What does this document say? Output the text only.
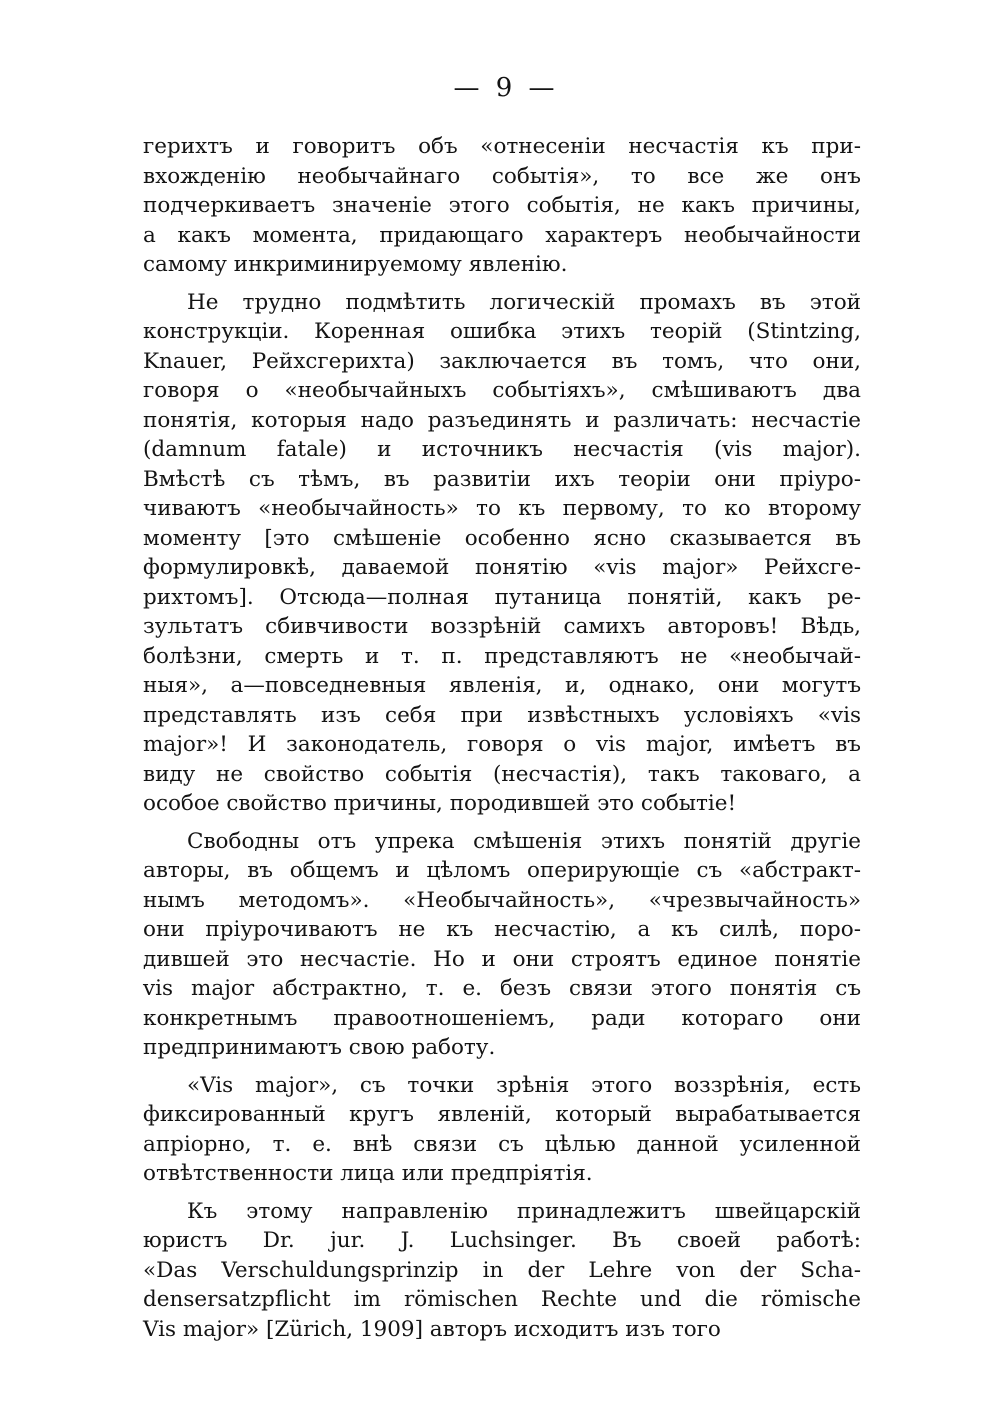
— 9 —
герихтъ и говоритъ объ «отнесеніи несчастія къ при-
вхожденію необычайнаго событія», то все же онъ
подчеркиваетъ значеніе этого событія, не какъ причины,
а какъ момента, придающаго характеръ необычайности
самому инкриминируемому явленію.
Не трудно подмѣтить логическій промахъ въ этой
конструкціи. Коренная ошибка этихъ теорій (Stintzing,
Knauer, Рейхсгерихта) заключается въ томъ, что они,
говоря о «необычайныхъ событіяхъ», смѣшиваютъ два
понятія, которыя надо разъединять и различать: несчастіе
(damnum fatale) и источникъ несчастія (vis major).
Вмѣстѣ съ тѣмъ, въ развитіи ихъ теоріи они пріуро-
чиваютъ «необычайность» то къ первому, то ко второму
моменту [это смѣшеніе особенно ясно сказывается въ
формулировкѣ, даваемой понятію «vis major» Рейхсге-
рихтомъ]. Отсюда—полная путаница понятій, какъ ре-
зультатъ сбивчивости воззрѣній самихъ авторовъ! Вѣдь,
болѣзни, смерть и т. п. представляютъ не «необычай-
ныя», а—повседневныя явленія, и, однако, они могутъ
представлять изъ себя при извѣстныхъ условіяхъ «vis
major»! И законодатель, говоря о vis major, имѣетъ въ
виду не свойство событія (несчастія), такъ таковаго, а
особое свойство причины, породившей это событіе!
Свободны отъ упрека смѣшенія этихъ понятій другіе
авторы, въ общемъ и цѣломъ оперирующіе съ «абстракт-
нымъ методомъ». «Необычайность», «чрезвычайность»
они пріурочиваютъ не къ несчастію, а къ силѣ, поро-
дившей это несчастіе. Но и они строятъ единое понятіе
vis major абстрактно, т. е. безъ связи этого понятія съ
конкретнымъ правоотношеніемъ, ради котораго они
предпринимаютъ свою работу.
«Vis major», съ точки зрѣнія этого воззрѣнія, есть
фиксированный кругъ явленій, который вырабатывается
апріорно, т. е. внѣ связи съ цѣлью данной усиленной
отвѣтственности лица или предпріятія.
Къ этому направленію принадлежитъ швейцарскій
юристъ Dr. jur. J. Luchsinger. Въ своей работѣ:
«Das Verschuldungsprinzip in der Lehre von der Scha-
densersatzpflicht im römischen Rechte und die römische
Vis major» [Zürich, 1909] авторъ исходитъ изъ того
